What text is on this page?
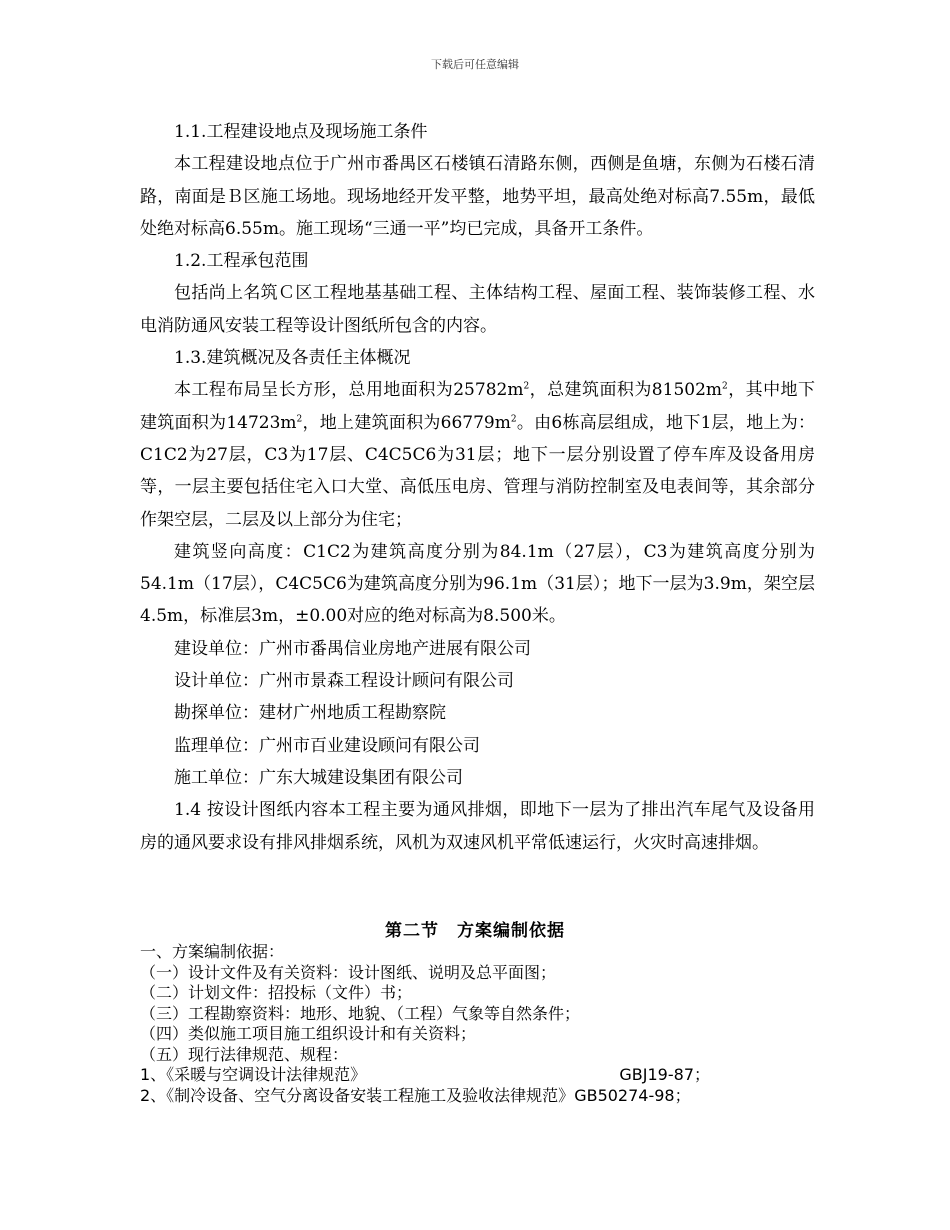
下载后可任意编辑
1.1.工程建设地点及现场施工条件
本工程建设地点位于广州市番禺区石楼镇石清路东侧，西侧是鱼塘，东侧为石楼石清路，南面是Ｂ区施工场地。现场地经开发平整，地势平坦，最高处绝对标高7.55m，最低处绝对标高6.55m。施工现场“三通一平”均已完成，具备开工条件。
1.2.工程承包范围
包括尚上名筑Ｃ区工程地基基础工程、主体结构工程、屋面工程、装饰装修工程、水电消防通风安装工程等设计图纸所包含的内容。
1.3.建筑概况及各责任主体概况
本工程布局呈长方形，总用地面积为$25782m^2$，总建筑面积为$81502m^2$，其中地下建筑面积为$14723m^2$，地上建筑面积为$66779m^2$。由6栋高层组成，地下1层，地上为：C1C2为27层，C3为17层、C4C5C6为31层；地下一层分别设置了停车库及设备用房等，一层主要包括住宅入口大堂、高低压电房、管理与消防控制室及电表间等，其余部分作架空层，二层及以上部分为住宅；
建筑竖向高度：C1C2为建筑高度分别为84.1m（27层），C3为建筑高度分别为54.1m（17层），C4C5C6为建筑高度分别为96.1m（31层）；地下一层为3.9m，架空层4.5m，标准层3m，±0.00对应的绝对标高为8.500米。
建设单位：广州市番禺信业房地产进展有限公司
设计单位：广州市景森工程设计顾问有限公司
勘探单位：建材广州地质工程勘察院
监理单位：广州市百业建设顾问有限公司
施工单位：广东大城建设集团有限公司
1.4 按设计图纸内容本工程主要为通风排烟，即地下一层为了排出汽车尾气及设备用房的通风要求设有排风排烟系统，风机为双速风机平常低速运行，火灾时高速排烟。
第二节　方案编制依据
一、方案编制依据：
（一）设计文件及有关资料：设计图纸、说明及总平面图；
（二）计划文件：招投标（文件）书；
（三）工程勘察资料：地形、地貌、（工程）气象等自然条件；
（四）类似施工项目施工组织设计和有关资料；
（五）现行法律规范、规程：
1、《采暖与空调设计法律规范》	GBJ19-87；
2、《制冷设备、空气分离设备安装工程施工及验收法律规范》 GB50274-98；
